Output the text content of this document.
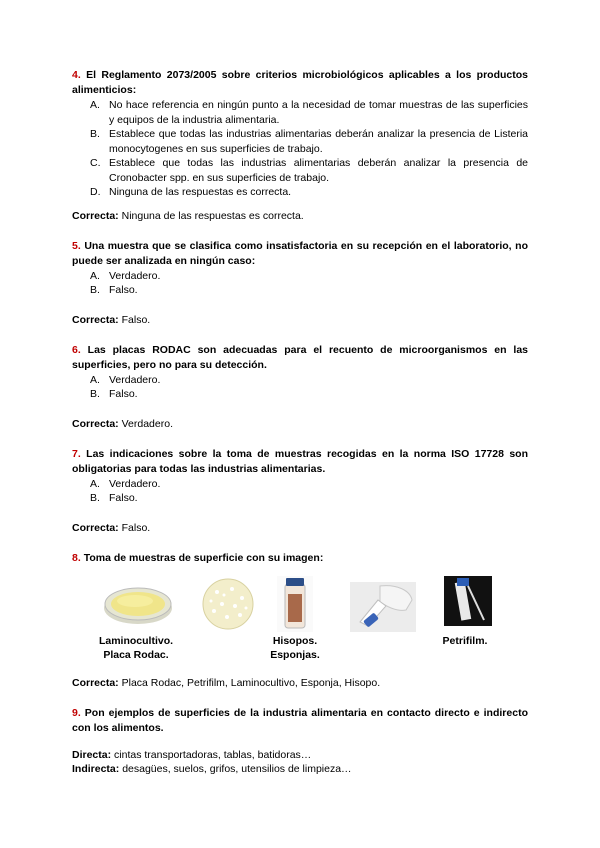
4. El Reglamento 2073/2005 sobre criterios microbiológicos aplicables a los productos alimenticios:
A. No hace referencia en ningún punto a la necesidad de tomar muestras de las superficies y equipos de la industria alimentaria.
B. Establece que todas las industrias alimentarias deberán analizar la presencia de Listeria monocytogenes en sus superficies de trabajo.
C. Establece que todas las industrias alimentarias deberán analizar la presencia de Cronobacter spp. en sus superficies de trabajo.
D. Ninguna de las respuestas es correcta.
Correcta: Ninguna de las respuestas es correcta.
5. Una muestra que se clasifica como insatisfactoria en su recepción en el laboratorio, no puede ser analizada en ningún caso:
A. Verdadero.
B. Falso.
Correcta: Falso.
6. Las placas RODAC son adecuadas para el recuento de microorganismos en las superficies, pero no para su detección.
A. Verdadero.
B. Falso.
Correcta: Verdadero.
7. Las indicaciones sobre la toma de muestras recogidas en la norma ISO 17728 son obligatorias para todas las industrias alimentarias.
A. Verdadero.
B. Falso.
Correcta: Falso.
8. Toma de muestras de superficie con su imagen:
Laminocultivo.
Placa Rodac.
Hisopos.
Esponjas.
Petrifilm.
Correcta: Placa Rodac, Petrifilm, Laminocultivo, Esponja, Hisopo.
9. Pon ejemplos de superficies de la industria alimentaria en contacto directo e indirecto con los alimentos.
Directa: cintas transportadoras, tablas, batidoras…
Indirecta: desagües, suelos, grifos, utensilios de limpieza…
